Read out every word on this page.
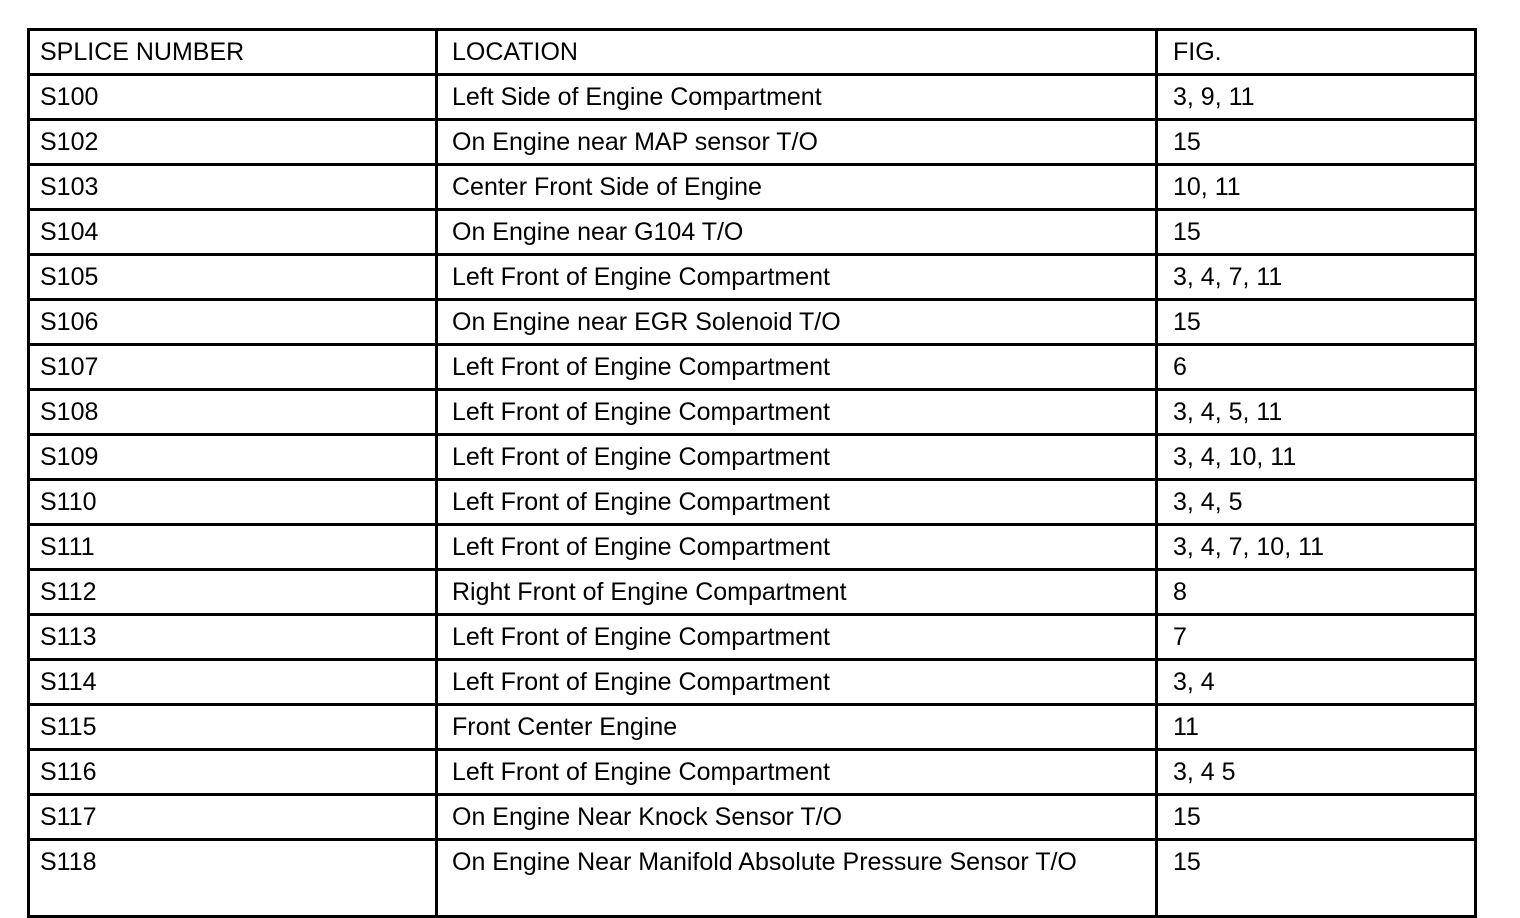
SPLICE NUMBER	LOCATION	FIG.
S100	Left Side of Engine Compartment	3, 9, 11
S102	On Engine near MAP sensor T/O	15
S103	Center Front Side of Engine	10, 11
S104	On Engine near G104 T/O	15
S105	Left Front of Engine Compartment	3, 4, 7, 11
S106	On Engine near EGR Solenoid T/O	15
S107	Left Front of Engine Compartment	6
S108	Left Front of Engine Compartment	3, 4, 5, 11
S109	Left Front of Engine Compartment	3, 4, 10, 11
S110	Left Front of Engine Compartment	3, 4, 5
S111	Left Front of Engine Compartment	3, 4, 7, 10, 11
S112	Right Front of Engine Compartment	8
S113	Left Front of Engine Compartment	7
S114	Left Front of Engine Compartment	3, 4
S115	Front Center Engine	11
S116	Left Front of Engine Compartment	3, 4 5
S117	On Engine Near Knock Sensor T/O	15
S118	On Engine Near Manifold Absolute Pressure Sensor T/O	15
